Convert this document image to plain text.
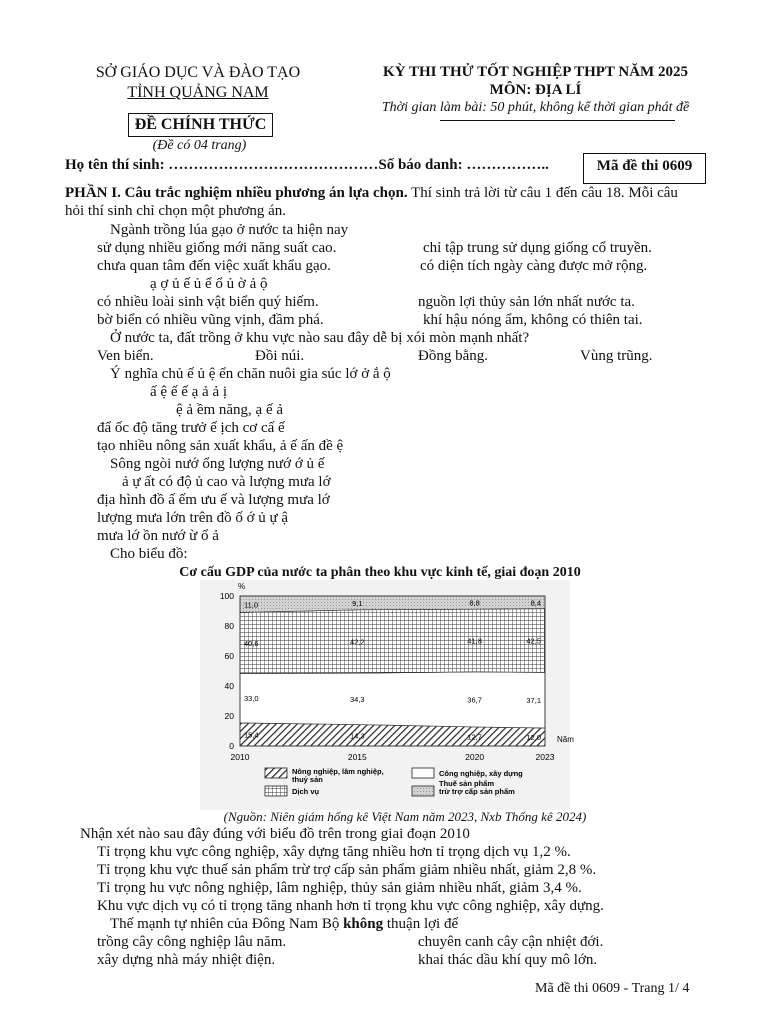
SỞ GIÁO DỤC VÀ ĐÀO TẠO
TỈNH QUẢNG NAM
ĐỀ CHÍNH THỨC
(Đề có 04 trang)
KỲ THI THỬ TỐT NGHIỆP THPT NĂM 2025
MÔN: ĐỊA LÍ
Thời gian làm bài: 50 phút, không kể thời gian phát đề
Họ tên thí sinh: ……………………………………Số báo danh: ……………..	Mã đề thi 0609
PHẦN I. Câu trắc nghiệm nhiều phương án lựa chọn. Thí sinh trả lời từ câu 1 đến câu 18. Mỗi câu
hỏi thí sinh chỉ chọn một phương án.
Ngành trồng lúa gạo ở nước ta hiện nay
sử dụng nhiều giống mới năng suất cao.	chỉ tập trung sử dụng giống cổ truyền.
chưa quan tâm đến việc xuất khẩu gạo.	có diện tích ngày càng được mở rộng.
ạ ợ ủ ế ủ ể ổ ủ ờ ả ộ
có nhiều loài sinh vật biển quý hiếm.	nguồn lợi thủy sản lớn nhất nước ta.
bờ biển có nhiều vũng vịnh, đầm phá.	khí hậu nóng ẩm, không có thiên tai.
Ở nước ta, đất trồng ở khu vực nào sau đây dễ bị xói mòn mạnh nhất?
Ven biển.	Đồi núi.	Đồng bằng.	Vùng trũng.
Ý nghĩa chủ ế ủ ệ ển chăn nuôi gia súc lớ ở ắ ộ
ấ ệ ế ế ạ ả ả ị
ệ ả ềm năng, ạ ế ả
đẩ ốc độ tăng trưở ế ịch cơ cấ ế
tạo nhiều nông sản xuất khẩu, ả ế ấn đề ệ
Sông ngòi nướ ổng lượng nướ ớ ủ ế
ả ự ất có độ ủ cao và lượng mưa lớ
địa hình đồ ấ ếm ưu ế và lượng mưa lớ
lượng mưa lớn trên đồ ố ớ ủ ự ậ
mưa lớ ồn nướ ừ ổ ả
Cho biểu đồ:
Cơ cấu GDP của nước ta phân theo khu vực kinh tế, giai đoạn 2010
0
20
40
60
80
100
%
2010	2015	2020	2023
Năm
15,4	14,3	12,7	12,0
33,0	34,3	36,7	37,1
40,6	42,2	41,8	42,5
11,0	9,1	8,8	8,4
Nông nghiệp, lâm nghiệp,
thuỷ sản
Dịch vụ
Công nghiệp, xây dựng
Thuế sản phẩm
trừ trợ cấp sản phẩm
(Nguồn: Niên giám hống kê Việt Nam năm 2023, Nxb Thống kê 2024)
Nhận xét nào sau đây đúng với biểu đồ trên trong giai đoạn 2010
Tỉ trọng khu vực công nghiệp, xây dựng tăng nhiều hơn tỉ trọng dịch vụ 1,2 %.
Tỉ trọng khu vực thuế sản phẩm trừ trợ cấp sản phẩm giảm nhiều nhất, giảm 2,8 %.
Tỉ trọng hu vực nông nghiệp, lâm nghiệp, thủy sản giảm nhiều nhất, giảm 3,4 %.
Khu vực dịch vụ có tỉ trọng tăng nhanh hơn tỉ trọng khu vực công nghiệp, xây dựng.
Thế mạnh tự nhiên của Đông Nam Bộ không thuận lợi để
trồng cây công nghiệp lâu năm.	chuyên canh cây cận nhiệt đới.
xây dựng nhà máy nhiệt điện.	khai thác dầu khí quy mô lớn.
Mã đề thi 0609 - Trang 1/ 4
